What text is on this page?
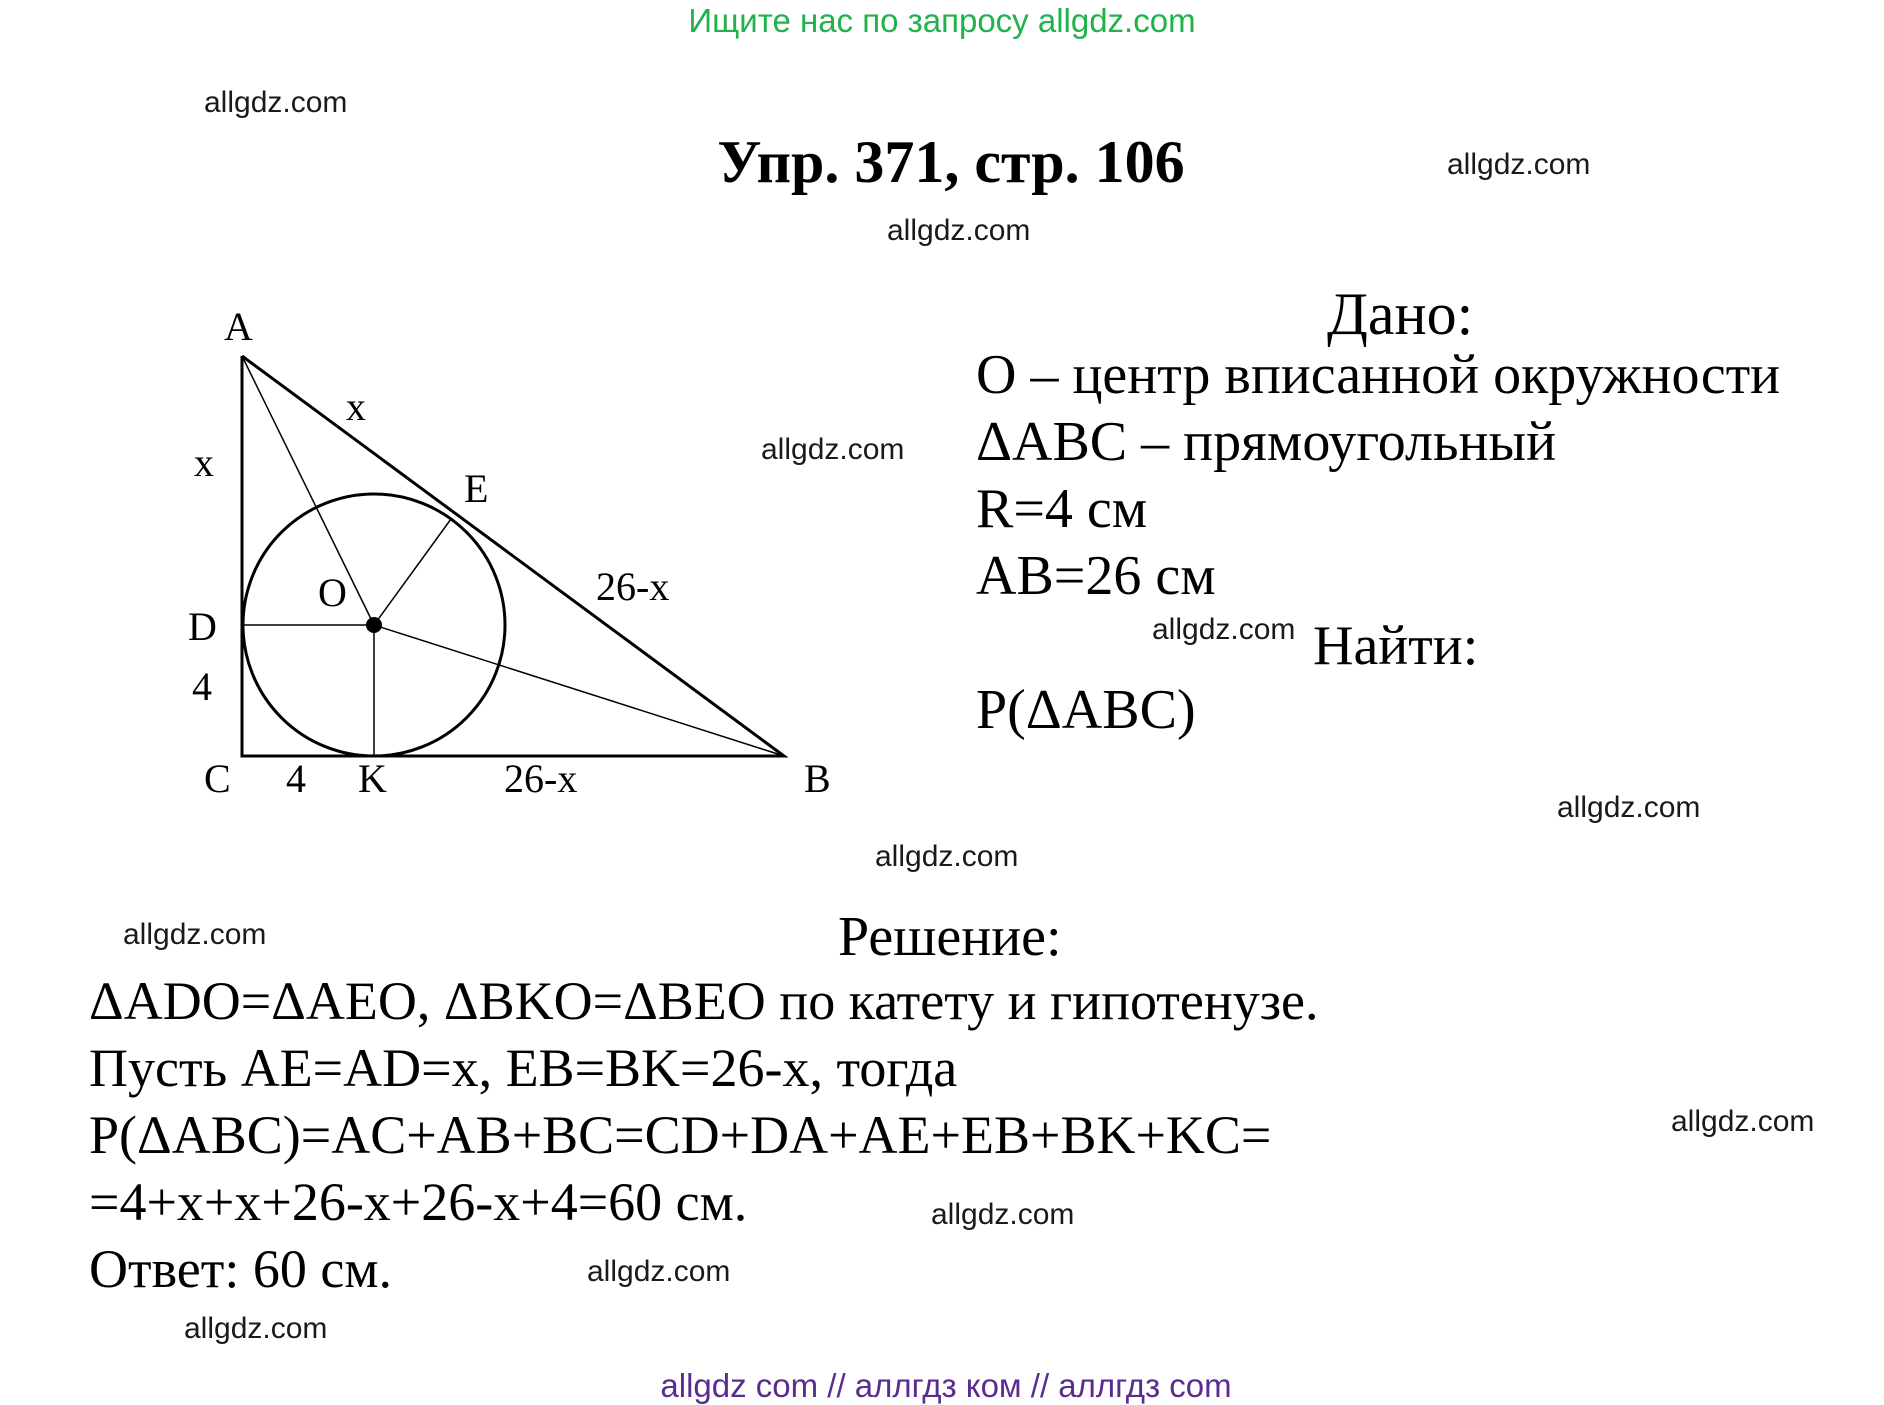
Ищите нас по запросу allgdz.com
allgdz.com
allgdz.com
allgdz.com
allgdz.com
allgdz.com
allgdz.com
allgdz.com
allgdz.com
allgdz.com
allgdz.com
allgdz.com
allgdz.com
Упр. 371, стр. 106
A
B
C
D
E
K
O
x
x
26-x
4
4	26-x
Дано:
O – центр вписанной окружности
ΔABC – прямоугольный
R=4 см
AB=26 см
Найти:
P(ΔABC)
Решение:
ΔADO=ΔAEO, ΔBKO=ΔBEO по катету и гипотенузе.
Пусть AE=AD=x, EB=BK=26-x, тогда
P(ΔABC)=AC+AB+BC=CD+DA+AE+EB+BK+KC=
=4+x+x+26-x+26-x+4=60 см.
Ответ: 60 см.
allgdz com // аллгдз ком // аллгдз com
